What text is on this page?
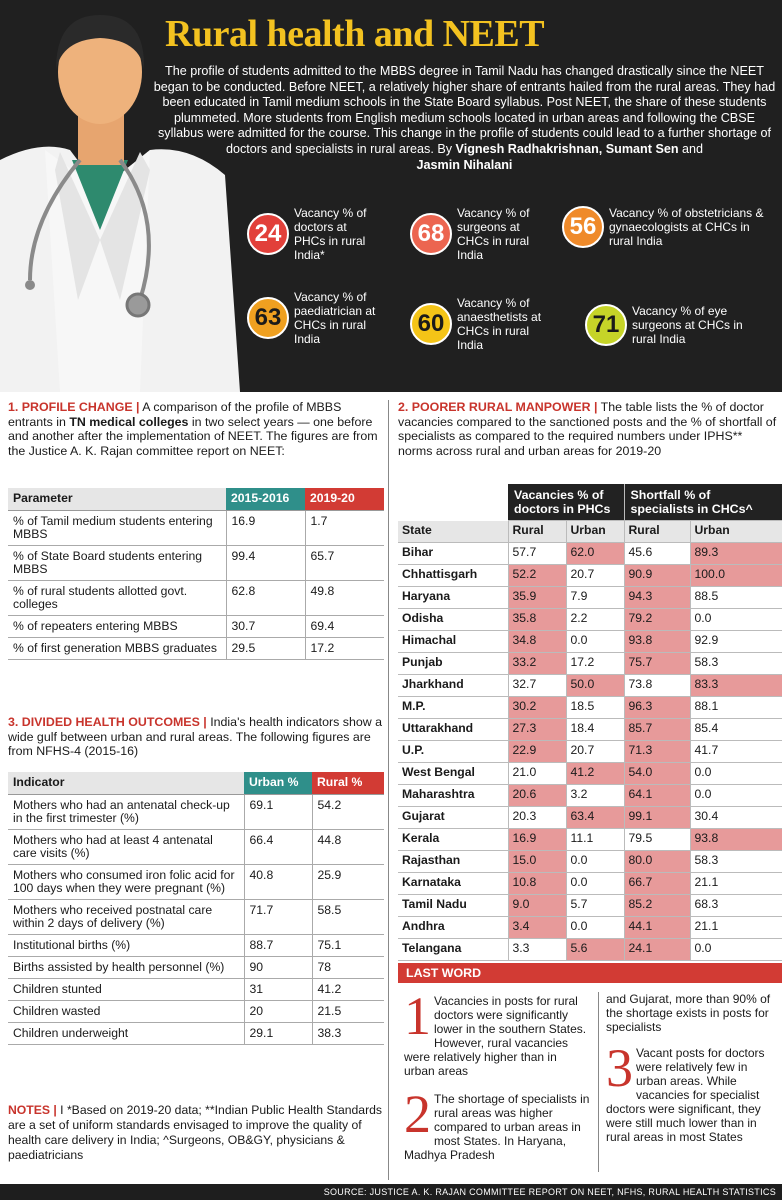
Rural health and NEET
The profile of students admitted to the MBBS degree in Tamil Nadu has changed drastically since the NEET began to be conducted. Before NEET, a relatively higher share of entrants hailed from the rural areas. They had been educated in Tamil medium schools in the State Board syllabus. Post NEET, the share of these students plummeted. More students from English medium schools located in urban areas and following the CBSE syllabus were admitted for the course. This change in the profile of students could lead to a further shortage of doctors and specialists in rural areas. By Vignesh Radhakrishnan, Sumant Sen and
Jasmin Nihalani
24
Vacancy % of doctors at PHCs in rural India*
68
Vacancy % of surgeons at CHCs in rural India
56	Vacancy % of obstetricians & gynaecologists at CHCs in rural India
63
Vacancy % of paediatrician at CHCs in rural India
60
Vacancy % of anaesthetists at CHCs in rural India
71	Vacancy % of eye surgeons at CHCs in rural India
1. PROFILE CHANGE | A comparison of the profile of MBBS entrants in TN medical colleges in two select years — one before and another after the implementation of NEET. The figures are from the Justice A. K. Rajan committee report on NEET:
Parameter	2015-2016	2019-20
% of Tamil medium students entering MBBS	16.9	1.7
% of State Board students entering MBBS	99.4	65.7
% of rural students allotted govt. colleges	62.8	49.8
% of repeaters entering MBBS	30.7	69.4
% of first generation MBBS graduates	29.5	17.2
3. DIVIDED HEALTH OUTCOMES | India's health indicators show a wide gulf between urban and rural areas. The following figures are from NFHS-4 (2015-16)
Indicator	Urban %	Rural %
Mothers who had an antenatal check-up in the first trimester (%)	69.1	54.2
Mothers who had at least 4 antenatal care visits (%)	66.4	44.8
Mothers who consumed iron folic acid for 100 days when they were pregnant (%)	40.8	25.9
Mothers who received postnatal care within 2 days of delivery (%)	71.7	58.5
Institutional births (%)	88.7	75.1
Births assisted by health personnel (%)	90	78
Children stunted	31	41.2
Children wasted	20	21.5
Children underweight	29.1	38.3
NOTES | I *Based on 2019-20 data; **Indian Public Health Standards are a set of uniform standards envisaged to improve the quality of health care delivery in India; ^Surgeons, OB&GY, physicians & paediatricians
2. POORER RURAL MANPOWER | The table lists the % of doctor vacancies compared to the sanctioned posts and the % of shortfall of specialists as compared to the required numbers under IPHS** norms across rural and urban areas for 2019-20
	Vacancies % of doctors in PHCs		Shortfall % of specialists in CHCs^	
State	Rural	Urban	Rural	Urban
Bihar	57.7	62.0	45.6	89.3
Chhattisgarh	52.2	20.7	90.9	100.0
Haryana	35.9	7.9	94.3	88.5
Odisha	35.8	2.2	79.2	0.0
Himachal	34.8	0.0	93.8	92.9
Punjab	33.2	17.2	75.7	58.3
Jharkhand	32.7	50.0	73.8	83.3
M.P.	30.2	18.5	96.3	88.1
Uttarakhand	27.3	18.4	85.7	85.4
U.P.	22.9	20.7	71.3	41.7
West Bengal	21.0	41.2	54.0	0.0
Maharashtra	20.6	3.2	64.1	0.0
Gujarat	20.3	63.4	99.1	30.4
Kerala	16.9	11.1	79.5	93.8
Rajasthan	15.0	0.0	80.0	58.3
Karnataka	10.8	0.0	66.7	21.1
Tamil Nadu	9.0	5.7	85.2	68.3
Andhra	3.4	0.0	44.1	21.1
Telangana	3.3	5.6	24.1	0.0
LAST WORD
1 Vacancies in posts for rural doctors were significantly lower in the southern States. However, rural vacancies were relatively higher than in urban areas
2 The shortage of specialists in rural areas was higher compared to urban areas in most States. In Haryana, Madhya Pradesh
and Gujarat, more than 90% of the shortage exists in posts for specialists
3 Vacant posts for doctors were relatively few in urban areas. While vacancies for specialist doctors were significant, they were still much lower than in rural areas in most States
SOURCE: JUSTICE A. K. RAJAN COMMITTEE REPORT ON NEET, NFHS, RURAL HEALTH STATISTICS
